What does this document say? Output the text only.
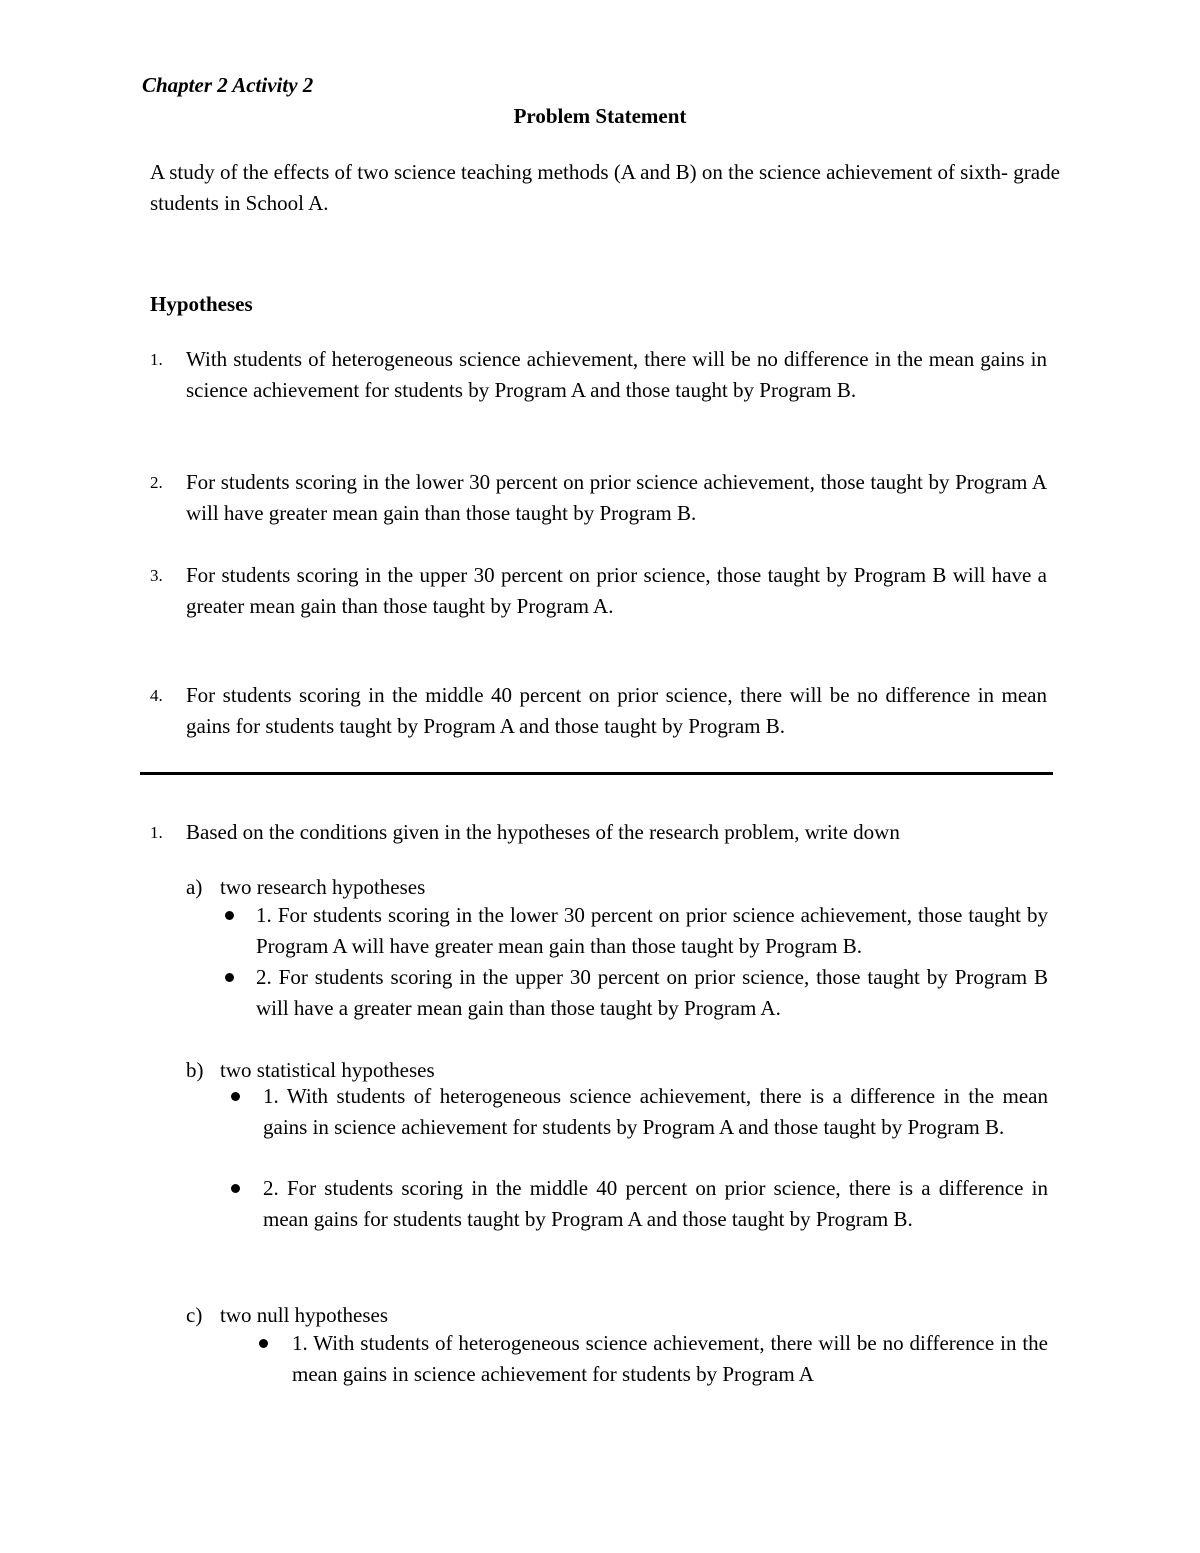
Chapter 2 Activity 2
Problem Statement
A study of the effects of two science teaching methods (A and B) on the science achievement of sixth- grade students in School A.
Hypotheses
1. With students of heterogeneous science achievement, there will be no difference in the mean gains in science achievement for students by Program A and those taught by Program B.
2. For students scoring in the lower 30 percent on prior science achievement, those taught by Program A will have greater mean gain than those taught by Program B.
3. For students scoring in the upper 30 percent on prior science, those taught by Program B will have a greater mean gain than those taught by Program A.
4. For students scoring in the middle 40 percent on prior science, there will be no difference in mean gains for students taught by Program A and those taught by Program B.
1. Based on the conditions given in the hypotheses of the research problem, write down
a) two research hypotheses
1. For students scoring in the lower 30 percent on prior science achievement, those taught by Program A will have greater mean gain than those taught by Program B.
2. For students scoring in the upper 30 percent on prior science, those taught by Program B will have a greater mean gain than those taught by Program A.
b) two statistical hypotheses
1. With students of heterogeneous science achievement, there is a difference in the mean gains in science achievement for students by Program A and those taught by Program B.
2. For students scoring in the middle 40 percent on prior science, there is a difference in mean gains for students taught by Program A and those taught by Program B.
c) two null hypotheses
1. With students of heterogeneous science achievement, there will be no difference in the mean gains in science achievement for students by Program A
